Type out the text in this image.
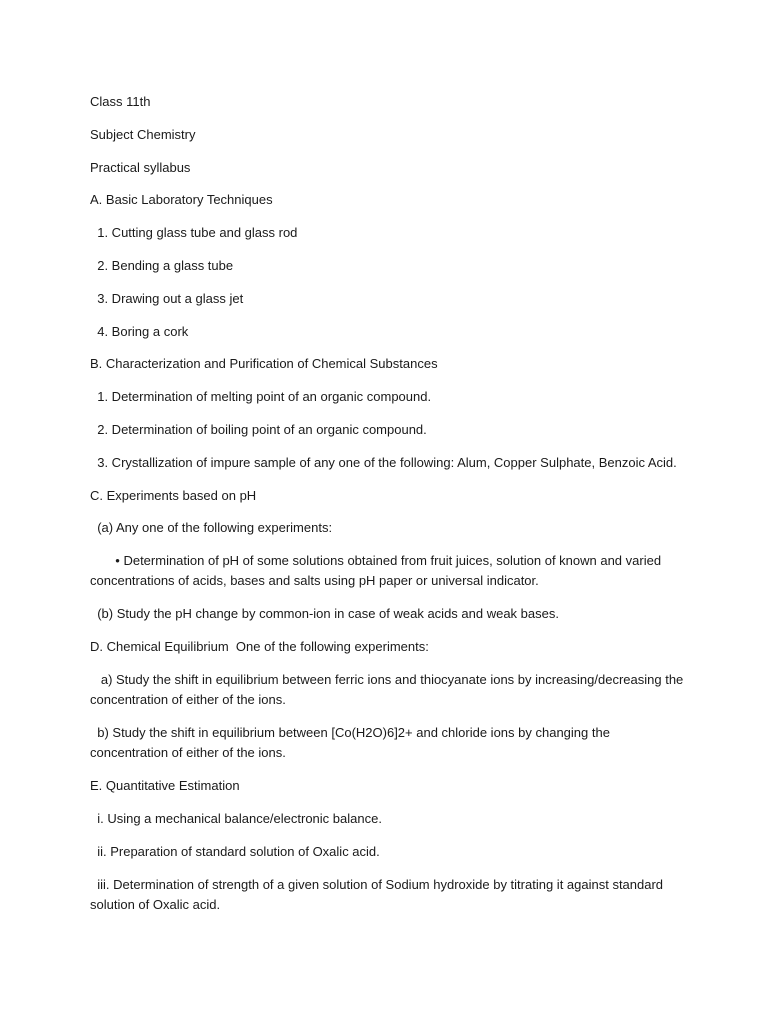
Class 11th
Subject Chemistry
Practical syllabus
A. Basic Laboratory Techniques
1. Cutting glass tube and glass rod
2. Bending a glass tube
3. Drawing out a glass jet
4. Boring a cork
B. Characterization and Purification of Chemical Substances
1. Determination of melting point of an organic compound.
2. Determination of boiling point of an organic compound.
3. Crystallization of impure sample of any one of the following: Alum, Copper Sulphate, Benzoic Acid.
C. Experiments based on pH
(a) Any one of the following experiments:
• Determination of pH of some solutions obtained from fruit juices, solution of known and varied
concentrations of acids, bases and salts using pH paper or universal indicator.
(b) Study the pH change by common-ion in case of weak acids and weak bases.
D. Chemical Equilibrium  One of the following experiments:
a) Study the shift in equilibrium between ferric ions and thiocyanate ions by increasing/decreasing the
concentration of either of the ions.
b) Study the shift in equilibrium between [Co(H2O)6]2+ and chloride ions by changing the
concentration of either of the ions.
E. Quantitative Estimation
i. Using a mechanical balance/electronic balance.
ii. Preparation of standard solution of Oxalic acid.
iii. Determination of strength of a given solution of Sodium hydroxide by titrating it against standard
solution of Oxalic acid.
